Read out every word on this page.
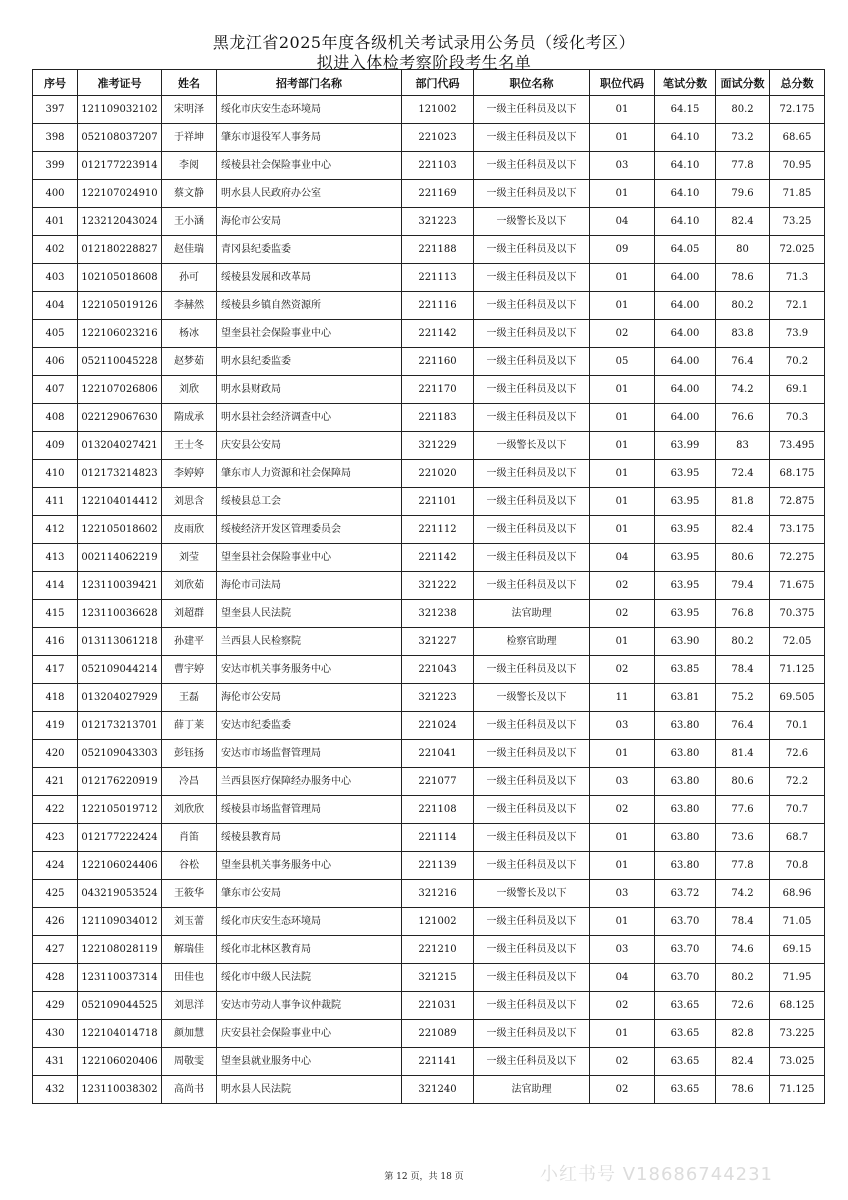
黑龙江省2025年度各级机关考试录用公务员（绥化考区）
拟进入体检考察阶段考生名单
序号	准考证号	姓名	招考部门名称	部门代码	职位名称	职位代码	笔试分数	面试分数	总分数
397	121109032102	宋明泽	绥化市庆安生态环境局	121002	一级主任科员及以下	01	64.15	80.2	72.175
398	052108037207	于祥坤	肇东市退役军人事务局	221023	一级主任科员及以下	01	64.10	73.2	68.65
399	012177223914	李阅	绥棱县社会保险事业中心	221103	一级主任科员及以下	03	64.10	77.8	70.95
400	122107024910	蔡文静	明水县人民政府办公室	221169	一级主任科员及以下	01	64.10	79.6	71.85
401	123212043024	王小涵	海伦市公安局	321223	一级警长及以下	04	64.10	82.4	73.25
402	012180228827	赵佳瑞	青冈县纪委监委	221188	一级主任科员及以下	09	64.05	80	72.025
403	102105018608	孙可	绥棱县发展和改革局	221113	一级主任科员及以下	01	64.00	78.6	71.3
404	122105019126	李赫然	绥棱县乡镇自然资源所	221116	一级主任科员及以下	01	64.00	80.2	72.1
405	122106023216	杨冰	望奎县社会保险事业中心	221142	一级主任科员及以下	02	64.00	83.8	73.9
406	052110045228	赵梦茹	明水县纪委监委	221160	一级主任科员及以下	05	64.00	76.4	70.2
407	122107026806	刘欣	明水县财政局	221170	一级主任科员及以下	01	64.00	74.2	69.1
408	022129067630	隋成承	明水县社会经济调查中心	221183	一级主任科员及以下	01	64.00	76.6	70.3
409	013204027421	王士冬	庆安县公安局	321229	一级警长及以下	01	63.99	83	73.495
410	012173214823	李婷婷	肇东市人力资源和社会保障局	221020	一级主任科员及以下	01	63.95	72.4	68.175
411	122104014412	刘思含	绥棱县总工会	221101	一级主任科员及以下	01	63.95	81.8	72.875
412	122105018602	皮雨欣	绥棱经济开发区管理委员会	221112	一级主任科员及以下	01	63.95	82.4	73.175
413	002114062219	刘莹	望奎县社会保险事业中心	221142	一级主任科员及以下	04	63.95	80.6	72.275
414	123110039421	刘欣茹	海伦市司法局	321222	一级主任科员及以下	02	63.95	79.4	71.675
415	123110036628	刘超群	望奎县人民法院	321238	法官助理	02	63.95	76.8	70.375
416	013113061218	孙建平	兰西县人民检察院	321227	检察官助理	01	63.90	80.2	72.05
417	052109044214	曹宇婷	安达市机关事务服务中心	221043	一级主任科员及以下	02	63.85	78.4	71.125
418	013204027929	王磊	海伦市公安局	321223	一级警长及以下	11	63.81	75.2	69.505
419	012173213701	薛丁莱	安达市纪委监委	221024	一级主任科员及以下	03	63.80	76.4	70.1
420	052109043303	彭钰扬	安达市市场监督管理局	221041	一级主任科员及以下	01	63.80	81.4	72.6
421	012176220919	冷昌	兰西县医疗保障经办服务中心	221077	一级主任科员及以下	03	63.80	80.6	72.2
422	122105019712	刘欣欣	绥棱县市场监督管理局	221108	一级主任科员及以下	02	63.80	77.6	70.7
423	012177222424	肖笛	绥棱县教育局	221114	一级主任科员及以下	01	63.80	73.6	68.7
424	122106024406	谷松	望奎县机关事务服务中心	221139	一级主任科员及以下	01	63.80	77.8	70.8
425	043219053524	王筱华	肇东市公安局	321216	一级警长及以下	03	63.72	74.2	68.96
426	121109034012	刘玉蕾	绥化市庆安生态环境局	121002	一级主任科员及以下	01	63.70	78.4	71.05
427	122108028119	解瑞佳	绥化市北林区教育局	221210	一级主任科员及以下	03	63.70	74.6	69.15
428	123110037314	田佳也	绥化市中级人民法院	321215	一级主任科员及以下	04	63.70	80.2	71.95
429	052109044525	刘思洋	安达市劳动人事争议仲裁院	221031	一级主任科员及以下	02	63.65	72.6	68.125
430	122104014718	颜加慧	庆安县社会保险事业中心	221089	一级主任科员及以下	01	63.65	82.8	73.225
431	122106020406	周敬雯	望奎县就业服务中心	221141	一级主任科员及以下	02	63.65	82.4	73.025
432	123110038302	高尚书	明水县人民法院	321240	法官助理	02	63.65	78.6	71.125
小红书号 V18686744231
第 12 页，共 18 页
